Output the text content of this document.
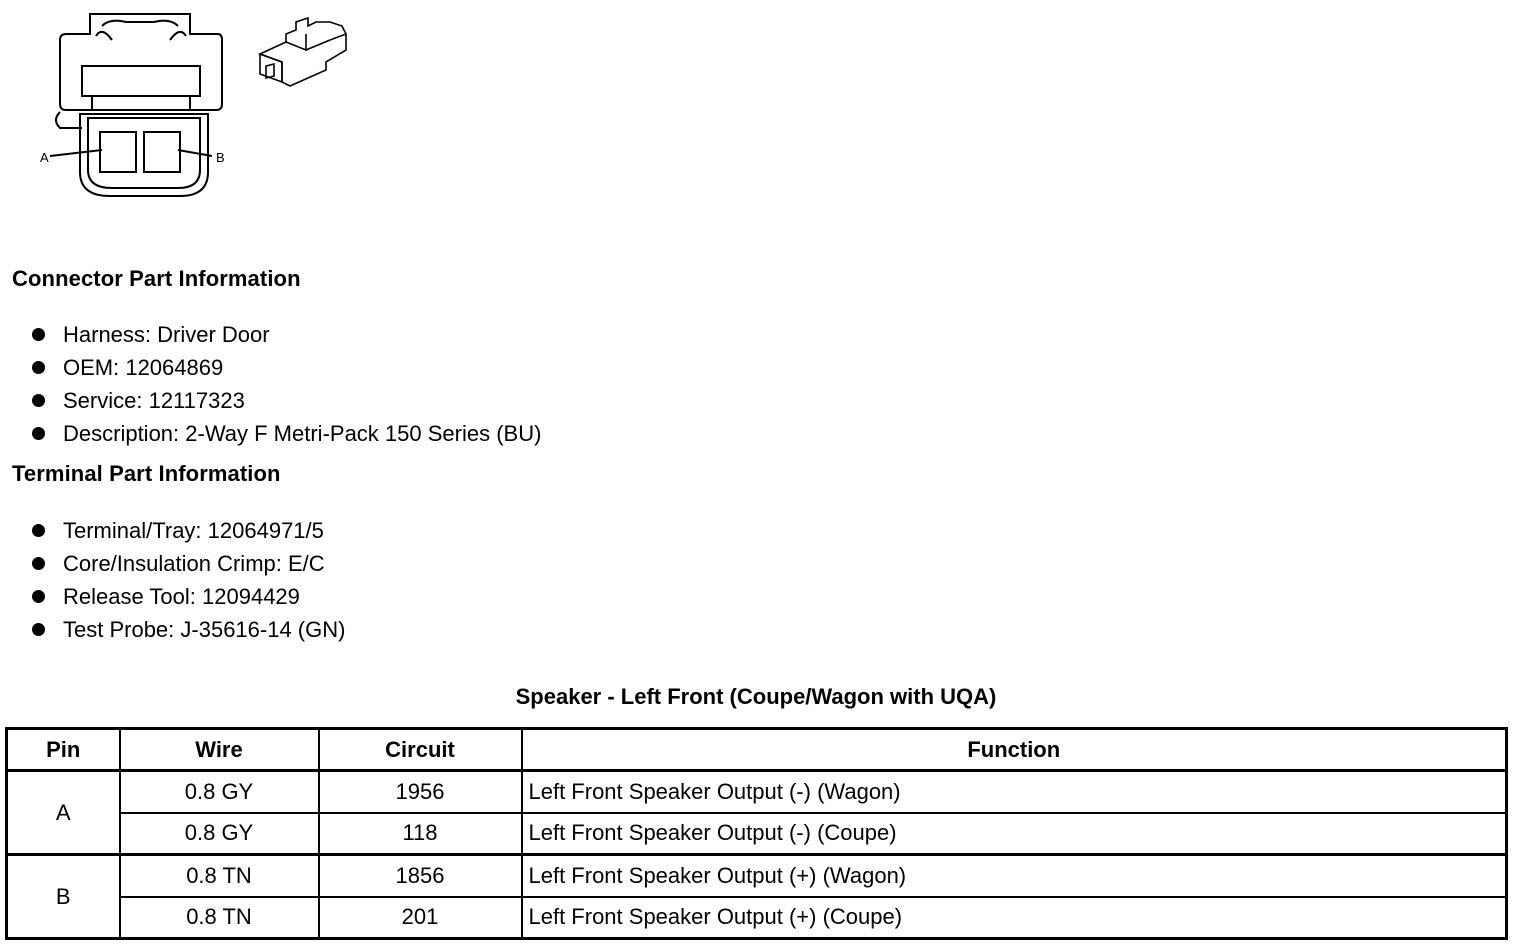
A	B
Connector Part Information
Harness: Driver Door
OEM: 12064869
Service: 12117323
Description: 2-Way F Metri-Pack 150 Series (BU)
Terminal Part Information
Terminal/Tray: 12064971/5
Core/Insulation Crimp: E/C
Release Tool: 12094429
Test Probe: J-35616-14 (GN)
Speaker - Left Front (Coupe/Wagon with UQA)
Pin	Wire	Circuit	Function
A	0.8 GY	1956	Left Front Speaker Output (-) (Wagon)
	0.8 GY	118	Left Front Speaker Output (-) (Coupe)
B	0.8 TN	1856	Left Front Speaker Output (+) (Wagon)
	0.8 TN	201	Left Front Speaker Output (+) (Coupe)
